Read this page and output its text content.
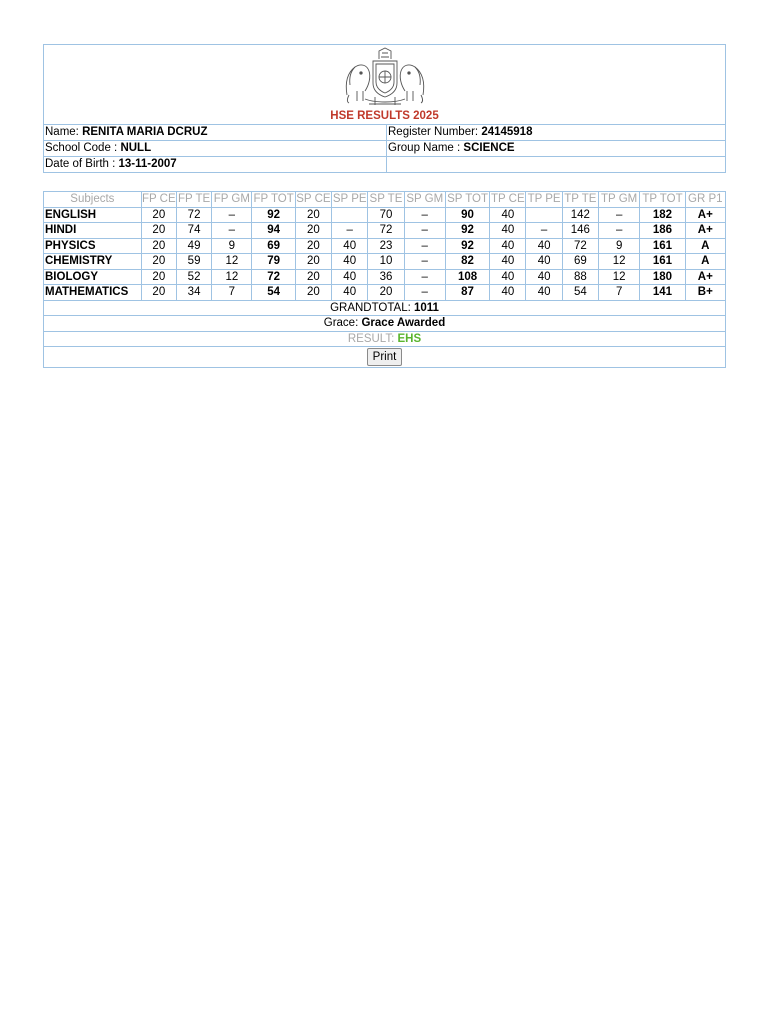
HSE RESULTS 2025	

Name: RENITA MARIA DCRUZ	Register Number: 24145918
School Code : NULL	Group Name : SCIENCE
Date of Birth : 13-11-2007	
Subjects	FP CE	FP TE	FP GM	FP TOT	SP CE	SP PE	SP TE	SP GM	SP TOT	TP CE	TP PE	TP TE	TP GM	TP TOT	GR P1
ENGLISH	20	72	–	92	20		70	–	90	40		142	–	182	A+
HINDI	20	74	–	94	20	–	72	–	92	40	–	146	–	186	A+
PHYSICS	20	49	9	69	20	40	23	–	92	40	40	72	9	161	A
CHEMISTRY	20	59	12	79	20	40	10	–	82	40	40	69	12	161	A
BIOLOGY	20	52	12	72	20	40	36	–	108	40	40	88	12	180	A+
MATHEMATICS	20	34	7	54	20	40	20	–	87	40	40	54	7	141	B+
GRANDTOTAL: 1011															
Grace: Grace Awarded															
RESULT: EHS															
Print															
